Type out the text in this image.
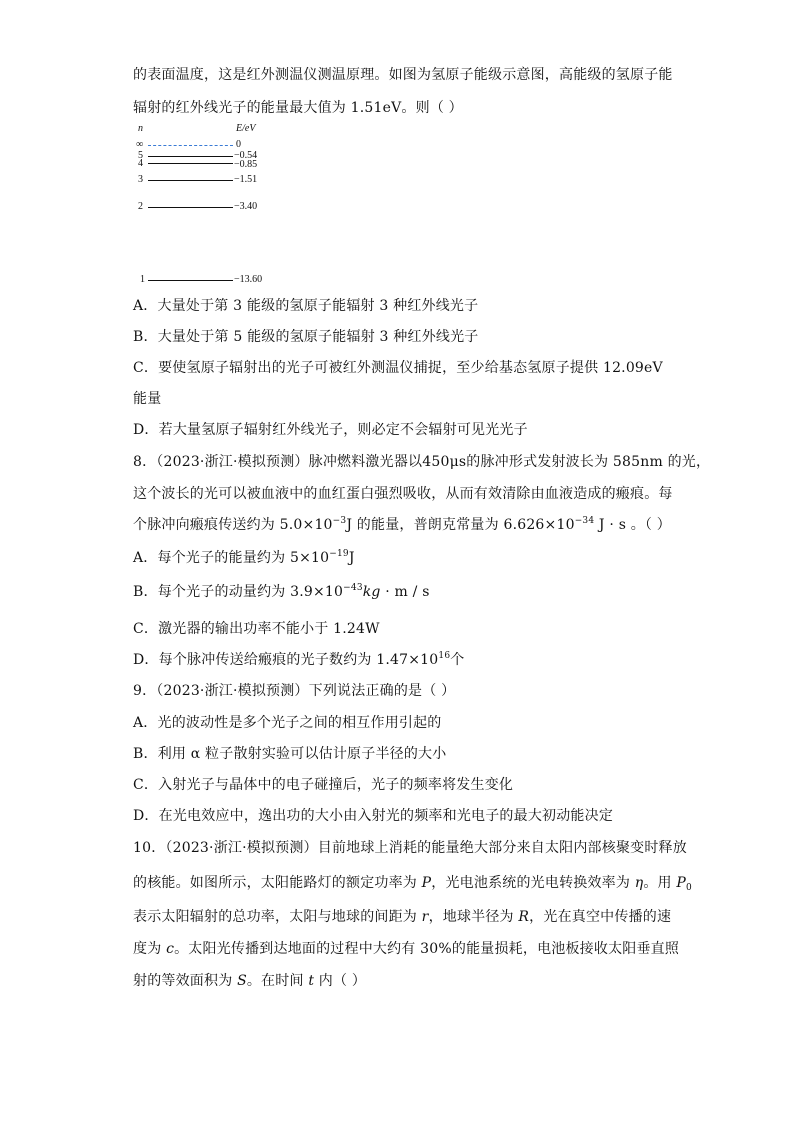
的表面温度，这是红外测温仪测温原理。如图为氢原子能级示意图，高能级的氢原子能
辐射的红外线光子的能量最大值为 1.51eV。则（ ）
n	E/eV
∞	0
5	−0.54
4	−0.85
3	−1.51
2	−3.40
1	−13.60
A．大量处于第 3 能级的氢原子能辐射 3 种红外线光子
B．大量处于第 5 能级的氢原子能辐射 3 种红外线光子
C．要使氢原子辐射出的光子可被红外测温仪捕捉，至少给基态氢原子提供 12.09eV
能量
D．若大量氢原子辐射红外线光子，则必定不会辐射可见光光子
8．（2023·浙江·模拟预测）脉冲燃料激光器以450μs的脉冲形式发射波长为 585nm 的光，
这个波长的光可以被血液中的血红蛋白强烈吸收，从而有效清除由血液造成的瘢痕。每
个脉冲向瘢痕传送约为 $5.0\times 10^{-3}J$ 的能量，普朗克常量为 $6.626\times 10^{-34}$ J · s 。（ ）
A．每个光子的能量约为 $5\times 10^{-19}J$
B．每个光子的动量约为 $3.9\times 10^{-43}kg \cdot m / s$
C．激光器的输出功率不能小于 1.24W
D．每个脉冲传送给瘢痕的光子数约为 $1.47\times 10^{16}$个
9．（2023·浙江·模拟预测）下列说法正确的是（ ）
A．光的波动性是多个光子之间的相互作用引起的
B．利用 α 粒子散射实验可以估计原子半径的大小
C．入射光子与晶体中的电子碰撞后，光子的频率将发生变化
D．在光电效应中，逸出功的大小由入射光的频率和光电子的最大初动能决定
10．（2023·浙江·模拟预测）目前地球上消耗的能量绝大部分来自太阳内部核聚变时释放
的核能。如图所示，太阳能路灯的额定功率为 P，光电池系统的光电转换效率为 η。用 $P_0$
表示太阳辐射的总功率，太阳与地球的间距为 r，地球半径为 R，光在真空中传播的速
度为 c。太阳光传播到达地面的过程中大约有 30%的能量损耗，电池板接收太阳垂直照
射的等效面积为 S。在时间 t 内（ ）
